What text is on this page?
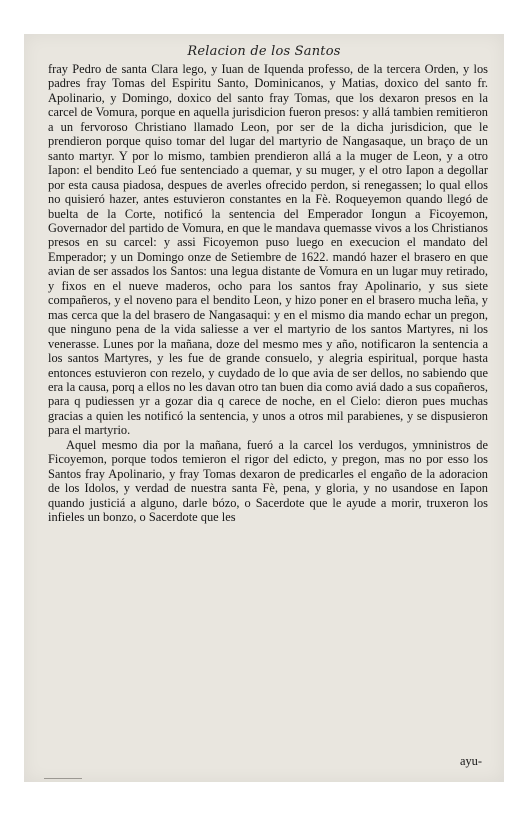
Relacion de los Santos

fray Pedro de santa Clara lego, y Iuan de Iquenda professo, de la tercera Orden, y los padres fray Tomas del Espiritu Santo, Dominicanos, y Matias, doxico del santo fr. Apolinario, y Domingo, doxico del santo fray Tomas, que los dexaron presos en la carcel de Vomura, porque en aquella jurisdicion fueron presos: y allá tambien remitieron a un fervoroso Christiano llamado Leon, por ser de la dicha jurisdicion, que le prendieron porque quiso tomar del lugar del martyrio de Nangasaque, un braço de un santo martyr. Y por lo mismo, tambien prendieron allá a la muger de Leon, y a otro Iapon: el bendito Leó fue sentenciado a quemar, y su muger, y el otro Iapon a degollar por esta causa piadosa, despues de averles ofrecido perdon, si renegassen; lo qual ellos no quisieró hazer, antes estuvieron constantes en la Fè. Roqueyemon quando llegó de buelta de la Corte, notificó la sentencia del Emperador Iongun a Ficoyemon, Governador del partido de Vomura, en que le mandava quemasse vivos a los Christianos presos en su carcel: y assi Ficoyemon puso luego en execucion el mandato del Emperador; y un Domingo onze de Setiembre de 1622. mandó hazer el brasero en que avian de ser assados los Santos: una legua distante de Vomura en un lugar muy retirado, y fixos en el nueve maderos, ocho para los santos fray Apolinario, y sus siete compañeros, y el noveno para el bendito Leon, y hizo poner en el brasero mucha leña, y mas cerca que la del brasero de Nangasaqui: y en el mismo dia mando echar un pregon, que ninguno pena de la vida saliesse a ver el martyrio de los santos Martyres, ni los venerasse. Lunes por la mañana, doze del mesmo mes y año, notificaron la sentencia a los santos Martyres, y les fue de grande consuelo, y alegria espiritual, porque hasta entonces estuvieron con rezelo, y cuydado de lo que avia de ser dellos, no sabiendo que era la causa, porq a ellos no les davan otro tan buen dia como aviá dado a sus copañeros, para q pudiessen yr a gozar dia q carece de noche, en el Cielo: dieron pues muchas gracias a quien les notificó la sentencia, y unos a otros mil parabienes, y se dispusieron para el martyrio.

Aquel mesmo dia por la mañana, fueró a la carcel los verdugos, ymninistros de Ficoyemon, porque todos temieron el rigor del edicto, y pregon, mas no por esso los Santos fray Apolinario, y fray Tomas dexaron de predicarles el engaño de la adoracion de los Idolos, y verdad de nuestra santa Fè, pena, y gloria, y no usandose en Iapon quando justiciá a alguno, darle bózo, o Sacerdote que le ayude a morir, truxeron los infieles un bonzo, o Sacerdote que les

ayu-
